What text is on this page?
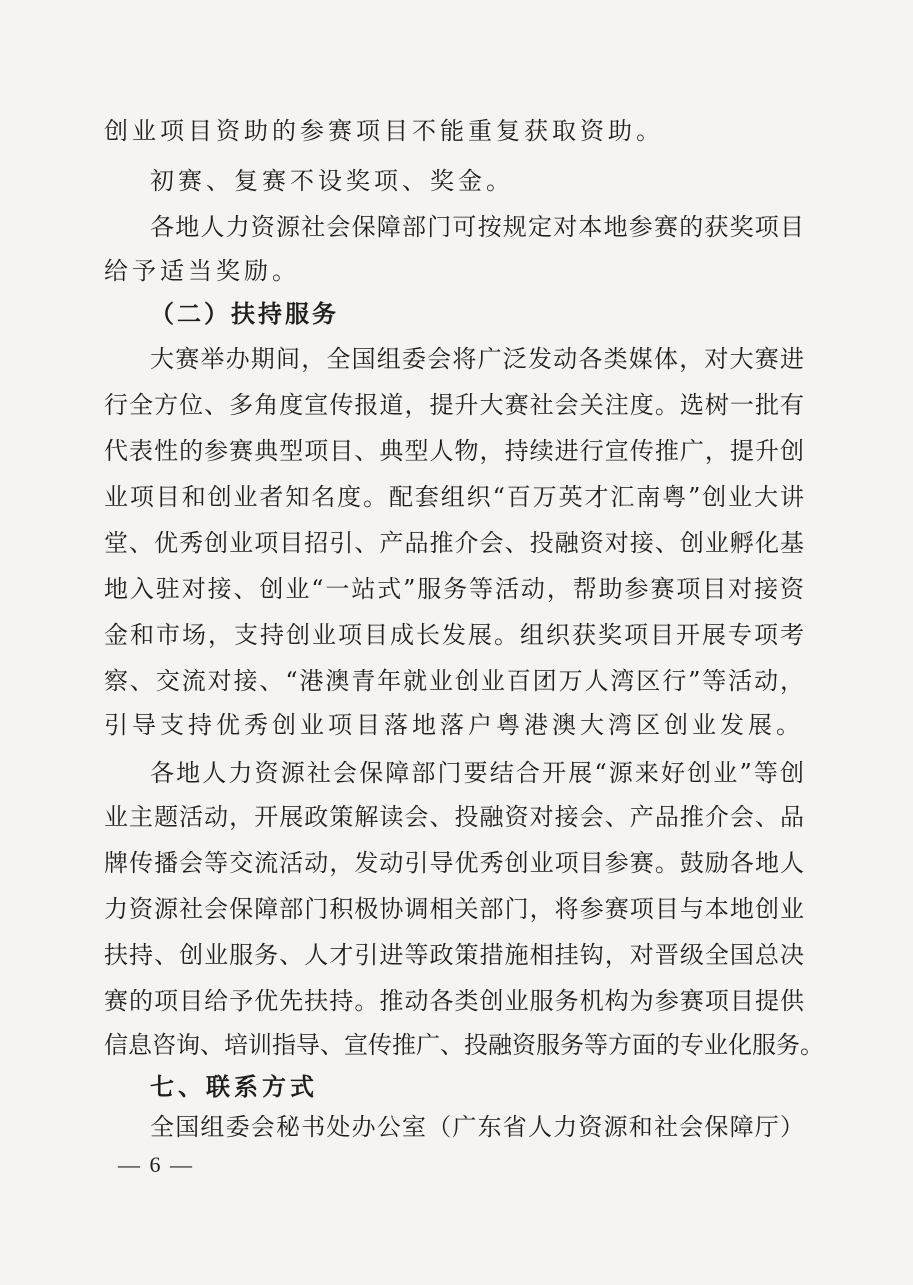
创业项目资助的参赛项目不能重复获取资助。
初赛、复赛不设奖项、奖金。
各地人力资源社会保障部门可按规定对本地参赛的获奖项目
给予适当奖励。
（二）扶持服务
大赛举办期间，全国组委会将广泛发动各类媒体，对大赛进
行全方位、多角度宣传报道，提升大赛社会关注度。选树一批有
代表性的参赛典型项目、典型人物，持续进行宣传推广，提升创
业项目和创业者知名度。配套组织“百万英才汇南粤”创业大讲
堂、优秀创业项目招引、产品推介会、投融资对接、创业孵化基
地入驻对接、创业“一站式”服务等活动，帮助参赛项目对接资
金和市场，支持创业项目成长发展。组织获奖项目开展专项考
察、交流对接、“港澳青年就业创业百团万人湾区行”等活动，
引导支持优秀创业项目落地落户粤港澳大湾区创业发展。
各地人力资源社会保障部门要结合开展“源来好创业”等创
业主题活动，开展政策解读会、投融资对接会、产品推介会、品
牌传播会等交流活动，发动引导优秀创业项目参赛。鼓励各地人
力资源社会保障部门积极协调相关部门，将参赛项目与本地创业
扶持、创业服务、人才引进等政策措施相挂钩，对晋级全国总决
赛的项目给予优先扶持。推动各类创业服务机构为参赛项目提供
信息咨询、培训指导、宣传推广、投融资服务等方面的专业化服务。
七、联系方式
全国组委会秘书处办公室（广东省人力资源和社会保障厅）
— 6 —
